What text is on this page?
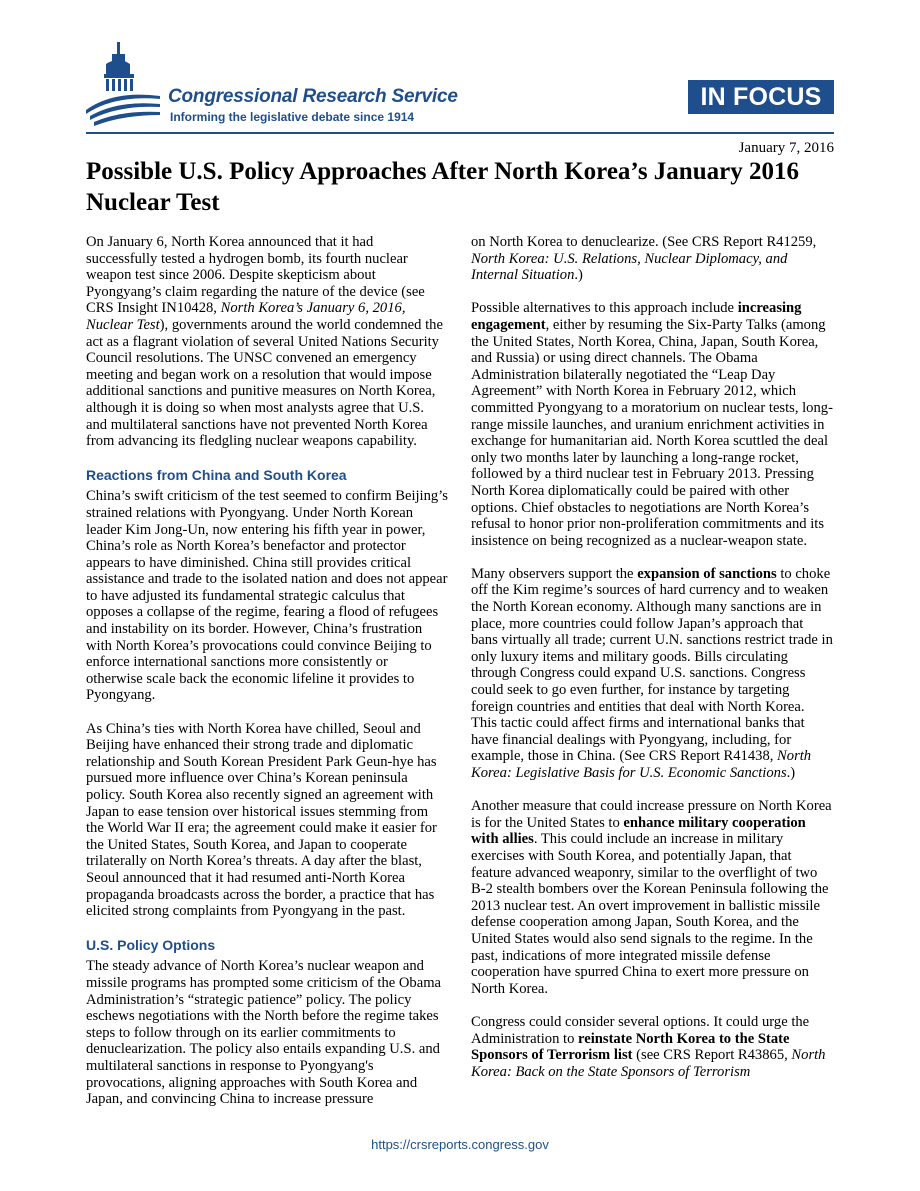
Congressional Research Service
Informing the legislative debate since 1914
IN FOCUS
January 7, 2016
Possible U.S. Policy Approaches After North Korea’s January 2016 Nuclear Test

On January 6, North Korea announced that it had successfully tested a hydrogen bomb, its fourth nuclear weapon test since 2006. Despite skepticism about Pyongyang’s claim regarding the nature of the device (see CRS Insight IN10428, North Korea’s January 6, 2016, Nuclear Test), governments around the world condemned the act as a flagrant violation of several United Nations Security Council resolutions. The UNSC convened an emergency meeting and began work on a resolution that would impose additional sanctions and punitive measures on North Korea, although it is doing so when most analysts agree that U.S. and multilateral sanctions have not prevented North Korea from advancing its fledgling nuclear weapons capability.

Reactions from China and South Korea

China’s swift criticism of the test seemed to confirm Beijing’s strained relations with Pyongyang. Under North Korean leader Kim Jong-Un, now entering his fifth year in power, China’s role as North Korea’s benefactor and protector appears to have diminished. China still provides critical assistance and trade to the isolated nation and does not appear to have adjusted its fundamental strategic calculus that opposes a collapse of the regime, fearing a flood of refugees and instability on its border. However, China’s frustration with North Korea’s provocations could convince Beijing to enforce international sanctions more consistently or otherwise scale back the economic lifeline it provides to Pyongyang.

As China’s ties with North Korea have chilled, Seoul and Beijing have enhanced their strong trade and diplomatic relationship and South Korean President Park Geun-hye has pursued more influence over China’s Korean peninsula policy. South Korea also recently signed an agreement with Japan to ease tension over historical issues stemming from the World War II era; the agreement could make it easier for the United States, South Korea, and Japan to cooperate trilaterally on North Korea’s threats. A day after the blast, Seoul announced that it had resumed anti-North Korea propaganda broadcasts across the border, a practice that has elicited strong complaints from Pyongyang in the past.

U.S. Policy Options

The steady advance of North Korea’s nuclear weapon and missile programs has prompted some criticism of the Obama Administration’s “strategic patience” policy. The policy eschews negotiations with the North before the regime takes steps to follow through on its earlier commitments to denuclearization. The policy also entails expanding U.S. and multilateral sanctions in response to Pyongyang's provocations, aligning approaches with South Korea and Japan, and convincing China to increase pressure

on North Korea to denuclearize. (See CRS Report R41259, North Korea: U.S. Relations, Nuclear Diplomacy, and Internal Situation.)

Possible alternatives to this approach include increasing engagement, either by resuming the Six-Party Talks (among the United States, North Korea, China, Japan, South Korea, and Russia) or using direct channels. The Obama Administration bilaterally negotiated the “Leap Day Agreement” with North Korea in February 2012, which committed Pyongyang to a moratorium on nuclear tests, long-range missile launches, and uranium enrichment activities in exchange for humanitarian aid. North Korea scuttled the deal only two months later by launching a long-range rocket, followed by a third nuclear test in February 2013. Pressing North Korea diplomatically could be paired with other options. Chief obstacles to negotiations are North Korea’s refusal to honor prior non-proliferation commitments and its insistence on being recognized as a nuclear-weapon state.

Many observers support the expansion of sanctions to choke off the Kim regime’s sources of hard currency and to weaken the North Korean economy. Although many sanctions are in place, more countries could follow Japan’s approach that bans virtually all trade; current U.N. sanctions restrict trade in only luxury items and military goods. Bills circulating through Congress could expand U.S. sanctions. Congress could seek to go even further, for instance by targeting foreign countries and entities that deal with North Korea. This tactic could affect firms and international banks that have financial dealings with Pyongyang, including, for example, those in China. (See CRS Report R41438, North Korea: Legislative Basis for U.S. Economic Sanctions.)

Another measure that could increase pressure on North Korea is for the United States to enhance military cooperation with allies. This could include an increase in military exercises with South Korea, and potentially Japan, that feature advanced weaponry, similar to the overflight of two B-2 stealth bombers over the Korean Peninsula following the 2013 nuclear test. An overt improvement in ballistic missile defense cooperation among Japan, South Korea, and the United States would also send signals to the regime. In the past, indications of more integrated missile defense cooperation have spurred China to exert more pressure on North Korea.

Congress could consider several options. It could urge the Administration to reinstate North Korea to the State Sponsors of Terrorism list (see CRS Report R43865, North Korea: Back on the State Sponsors of Terrorism

https://crsreports.congress.gov
